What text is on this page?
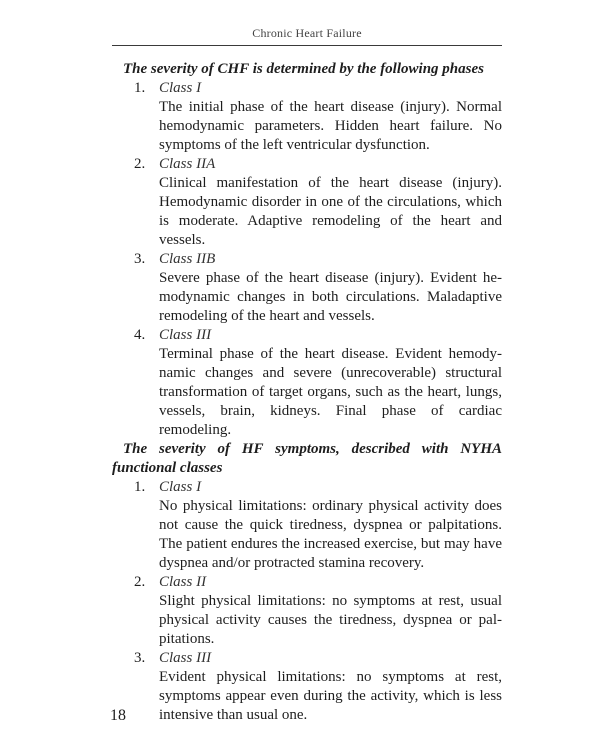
Chronic Heart Failure

The severity of CHF is determined by the following phases

1. Class I
The initial phase of the heart disease (injury). Normal hemodynamic parameters. Hidden heart failure. No symptoms of the left ventricular dysfunction.
2. Class IIA
Clinical manifestation of the heart disease (injury). Hemodynamic disorder in one of the circulations, which is moderate. Adaptive remodeling of the heart and vessels.
3. Class IIB
Severe phase of the heart disease (injury). Evident hemodynamic changes in both circulations. Maladaptive remodeling of the heart and vessels.
4. Class III
Terminal phase of the heart disease. Evident hemodynamic changes and severe (unrecoverable) structural transformation of target organs, such as the heart, lungs, vessels, brain, kidneys. Final phase of cardiac remodeling.

The severity of HF symptoms, described with NYHA functional classes

1. Class I
No physical limitations: ordinary physical activity does not cause the quick tiredness, dyspnea or palpitations. The patient endures the increased exercise, but may have dyspnea and/or protracted stamina recovery.
2. Class II
Slight physical limitations: no symptoms at rest, usual physical activity causes the tiredness, dyspnea or palpitations.
3. Class III
Evident physical limitations: no symptoms at rest, symptoms appear even during the activity, which is less intensive than usual one.
18
